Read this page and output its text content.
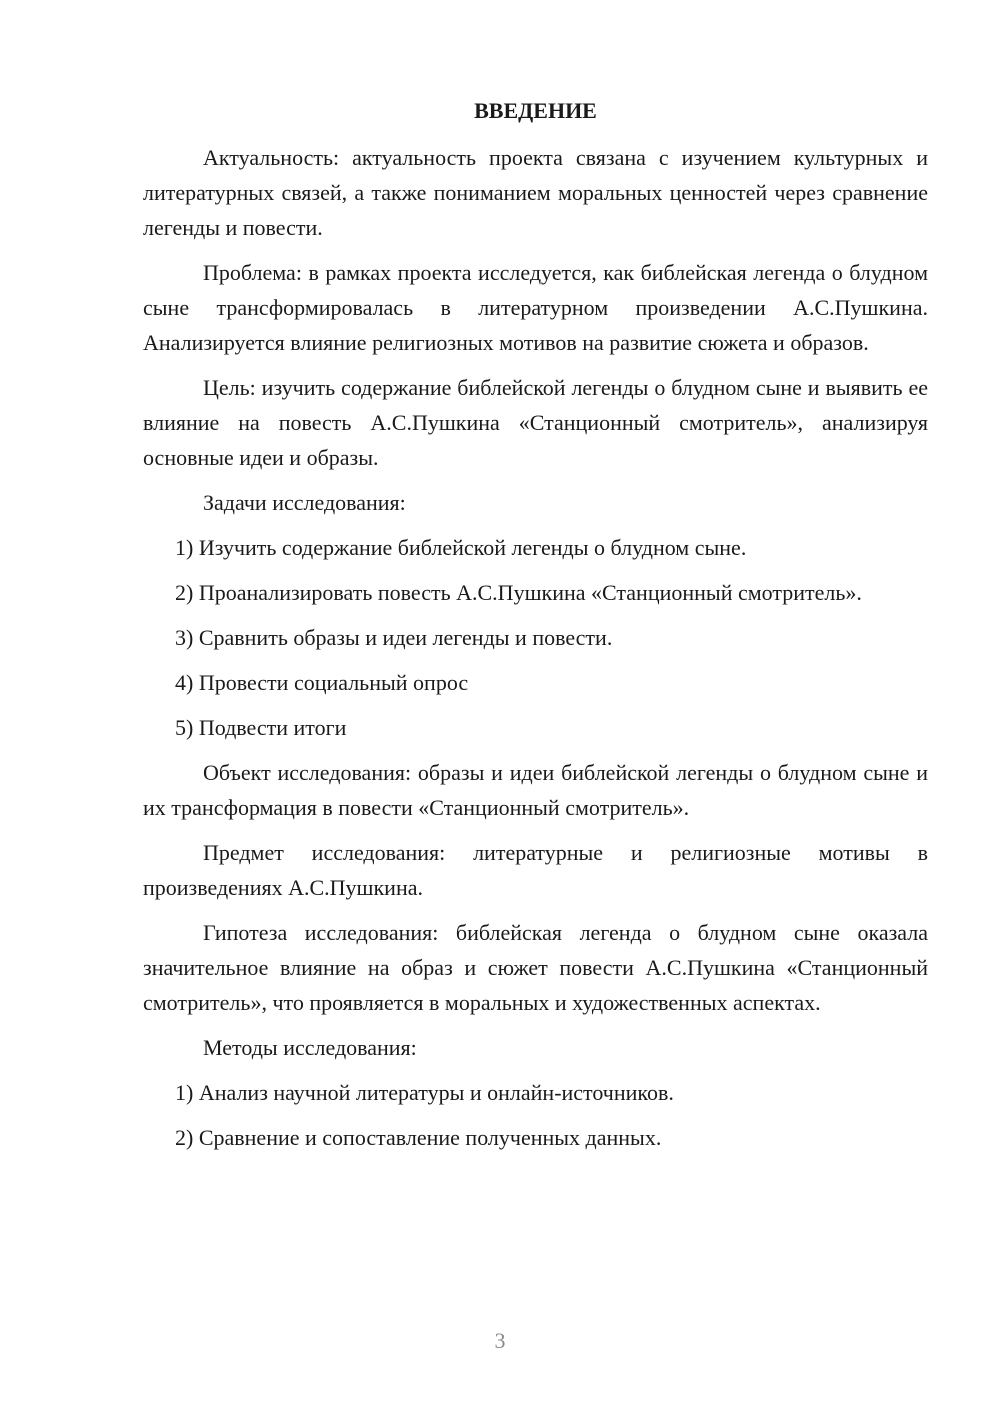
ВВЕДЕНИЕ

Актуальность: актуальность проекта связана с изучением культурных и литературных связей, а также пониманием моральных ценностей через сравнение легенды и повести.

Проблема: в рамках проекта исследуется, как библейская легенда о блудном сыне трансформировалась в литературном произведении А.С.Пушкина. Анализируется влияние религиозных мотивов на развитие сюжета и образов.

Цель: изучить содержание библейской легенды о блудном сыне и выявить ее влияние на повесть А.С.Пушкина «Станционный смотритель», анализируя основные идеи и образы.

Задачи исследования:

1) Изучить содержание библейской легенды о блудном сыне.

2) Проанализировать повесть А.С.Пушкина «Станционный смотритель».

3) Сравнить образы и идеи легенды и повести.

4) Провести социальный опрос

5) Подвести итоги

Объект исследования: образы и идеи библейской легенды о блудном сыне и их трансформация в повести «Станционный смотритель».

Предмет исследования: литературные и религиозные мотивы в произведениях А.С.Пушкина.

Гипотеза исследования: библейская легенда о блудном сыне оказала значительное влияние на образ и сюжет повести А.С.Пушкина «Станционный смотритель», что проявляется в моральных и художественных аспектах.

Методы исследования:

1) Анализ научной литературы и онлайн-источников.

2) Сравнение и сопоставление полученных данных.

3
